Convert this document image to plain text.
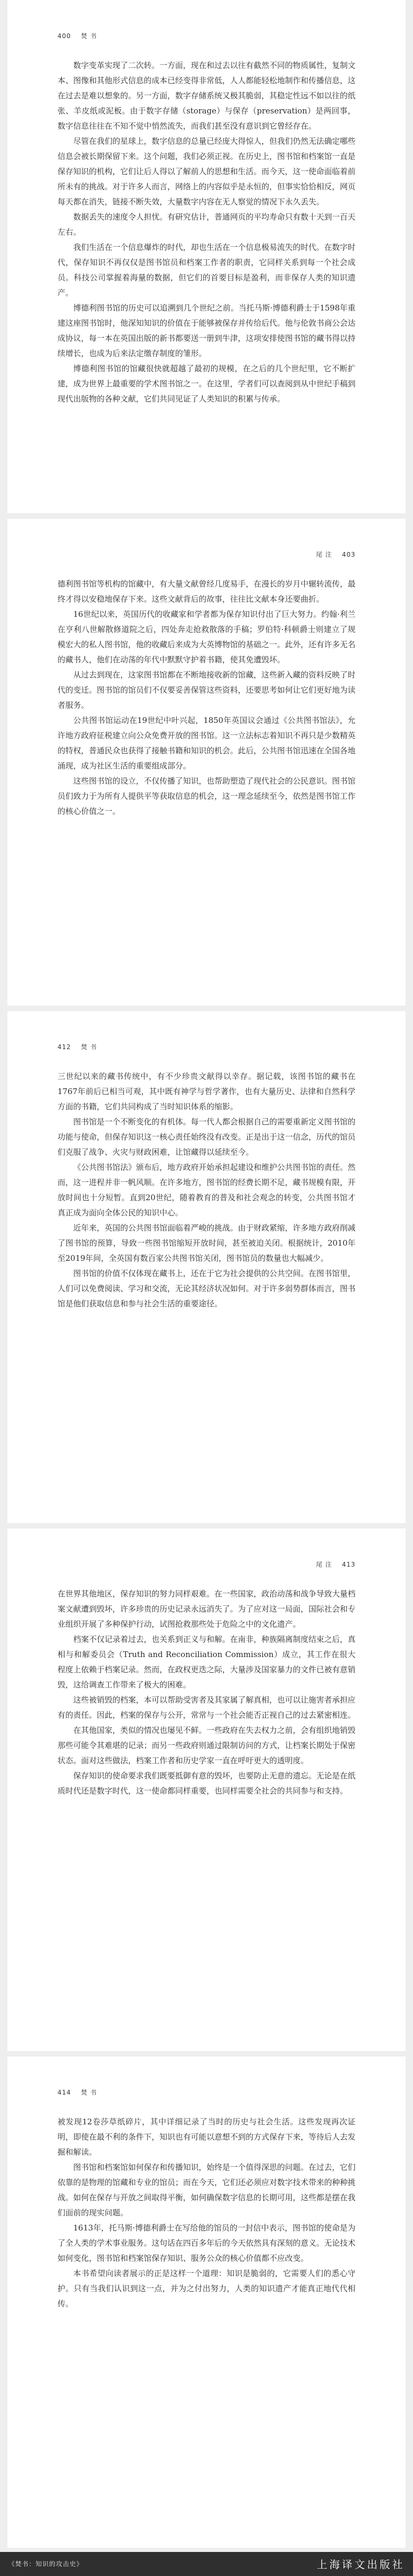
400 焚 书

数字变革实现了二次转。一方面，现在和过去以往有截然不同的物质属性，复制文本、图像和其他形式信息的成本已经变得非常低，人人都能轻松地制作和传播信息，这在过去是难以想象的。另一方面，数字存储系统又极其脆弱，其稳定性远不如以往的纸张、羊皮纸或泥板。由于数字存储（storage）与保存（preservation）是两回事，数字信息往往在不知不觉中悄然流失，而我们甚至没有意识到它曾经存在。

尽管在我们的星球上，数字信息的总量已经庞大得惊人，但我们仍然无法确定哪些信息会被长期保留下来。这个问题，我们必须正视。在历史上，图书馆和档案馆一直是保存知识的机构，它们让后人得以了解前人的思想和生活。而今天，这一使命面临着前所未有的挑战。对于许多人而言，网络上的内容似乎是永恒的，但事实恰恰相反，网页每天都在消失，链接不断失效，大量数字内容在无人察觉的情况下永久丢失。

数据丢失的速度令人担忧。有研究估计，普通网页的平均寿命只有数十天到一百天左右。

我们生活在一个信息爆炸的时代，却也生活在一个信息极易流失的时代。在数字时代，保存知识不再仅仅是图书馆员和档案工作者的职责，它同样关系到每一个社会成员。科技公司掌握着海量的数据，但它们的首要目标是盈利，而非保存人类的知识遗产。

博德利图书馆的历史可以追溯到几个世纪之前。当托马斯·博德利爵士于1598年重建这座图书馆时，他深知知识的价值在于能够被保存并传给后代。他与伦敦书商公会达成协议，每一本在英国出版的新书都要送一册到牛津，这项安排使图书馆的藏书得以持续增长，也成为后来法定缴存制度的雏形。

博德利图书馆的馆藏很快就超越了最初的规模，在之后的几个世纪里，它不断扩建，成为世界上最重要的学术图书馆之一。在这里，学者们可以查阅到从中世纪手稿到现代出版物的各种文献，它们共同见证了人类知识的积累与传承。

尾 注 403

德利图书馆等机构的馆藏中，有大量文献曾经几度易手，在漫长的岁月中辗转流传，最终才得以安稳地保存下来。这些文献背后的故事，往往比文献本身还要曲折。

16世纪以来，英国历代的收藏家和学者都为保存知识付出了巨大努力。约翰·利兰在亨利八世解散修道院之后，四处奔走抢救散落的手稿；罗伯特·科顿爵士则建立了规模宏大的私人图书馆，他的收藏后来成为大英博物馆的基础之一。此外，还有许多无名的藏书人，他们在动荡的年代中默默守护着书籍，使其免遭毁坏。

从过去到现在，这家图书馆都在不断地接收新的馆藏，这些新入藏的资料反映了时代的变迁。图书馆的馆员们不仅要妥善保管这些资料，还要思考如何让它们更好地为读者服务。

公共图书馆运动在19世纪中叶兴起，1850年英国议会通过《公共图书馆法》，允许地方政府征税建立向公众免费开放的图书馆。这一立法标志着知识不再只是少数精英的特权，普通民众也获得了接触书籍和知识的机会。此后，公共图书馆迅速在全国各地涌现，成为社区生活的重要组成部分。

这些图书馆的设立，不仅传播了知识，也帮助塑造了现代社会的公民意识。图书馆员们致力于为所有人提供平等获取信息的机会，这一理念延续至今，依然是图书馆工作的核心价值之一。

412 焚 书

三世纪以来的藏书传统中，有不少珍贵文献得以幸存。据记载，该图书馆的藏书在1767年前后已相当可观，其中既有神学与哲学著作，也有大量历史、法律和自然科学方面的书籍，它们共同构成了当时知识体系的缩影。

图书馆是一个不断变化的有机体。每一代人都会根据自己的需要重新定义图书馆的功能与使命，但保存知识这一核心责任始终没有改变。正是出于这一信念，历代的馆员们克服了战争、火灾与财政困难，让馆藏得以延续至今。

《公共图书馆法》颁布后，地方政府开始承担起建设和维护公共图书馆的责任。然而，这一进程并非一帆风顺。在许多地方，图书馆的经费长期不足，藏书规模有限，开放时间也十分短暂。直到20世纪，随着教育的普及和社会观念的转变，公共图书馆才真正成为面向全体公民的知识中心。

近年来，英国的公共图书馆面临着严峻的挑战。由于财政紧缩，许多地方政府削减了图书馆的预算，导致一些图书馆缩短开放时间，甚至被迫关闭。根据统计，2010年至2019年间，全英国有数百家公共图书馆关闭，图书馆员的数量也大幅减少。

图书馆的价值不仅体现在藏书上，还在于它为社会提供的公共空间。在图书馆里，人们可以免费阅读、学习和交流，无论其经济状况如何。对于许多弱势群体而言，图书馆是他们获取信息和参与社会生活的重要途径。

尾 注 413

在世界其他地区，保存知识的努力同样艰难。在一些国家，政治动荡和战争导致大量档案文献遭到毁坏，许多珍贵的历史记录永远消失了。为了应对这一局面，国际社会和专业组织开展了多种保护行动，试图抢救那些处于危险之中的文化遗产。

档案不仅记录着过去，也关系到正义与和解。在南非，种族隔离制度结束之后，真相与和解委员会（Truth and Reconciliation Commission）成立，其工作在很大程度上依赖于档案记录。然而，在政权更迭之际，大量涉及国家暴力的文件已被有意销毁，这给调查工作带来了极大的困难。

这些被销毁的档案，本可以帮助受害者及其家属了解真相，也可以让施害者承担应有的责任。因此，档案的保存与公开，常常与一个社会能否正视自己的过去紧密相连。

在其他国家，类似的情况也屡见不鲜。一些政府在失去权力之前，会有组织地销毁那些可能令其难堪的记录；而另一些政府则通过限制访问的方式，让档案长期处于保密状态。面对这些做法，档案工作者和历史学家一直在呼吁更大的透明度。

保存知识的使命要求我们既要抵御有意的毁坏，也要防止无意的遗忘。无论是在纸质时代还是数字时代，这一使命都同样重要，也同样需要全社会的共同参与和支持。

414 焚 书

被发现12卷莎草纸碎片，其中详细记录了当时的历史与社会生活。这些发现再次证明，即使在最不利的条件下，知识也有可能以意想不到的方式保存下来，等待后人去发掘和解读。

图书馆和档案馆如何保存和传播知识，始终是一个值得深思的问题。在过去，它们依靠的是物理的馆藏和专业的馆员；而在今天，它们还必须应对数字技术带来的种种挑战。如何在保存与开放之间取得平衡，如何确保数字信息的长期可用，这些都是摆在我们面前的现实问题。

1613年，托马斯·博德利爵士在写给他的馆员的一封信中表示，图书馆的使命是为了全人类的学术事业服务。这句话在四百多年后的今天依然具有深刻的意义。无论技术如何变化，图书馆和档案馆保存知识、服务公众的核心价值都不应改变。

本书希望向读者展示的正是这样一个道理：知识是脆弱的，它需要人们的悉心守护。只有当我们认识到这一点，并为之付出努力，人类的知识遗产才能真正地代代相传。

《焚书：知识的攻击史》	上海译文出版社
